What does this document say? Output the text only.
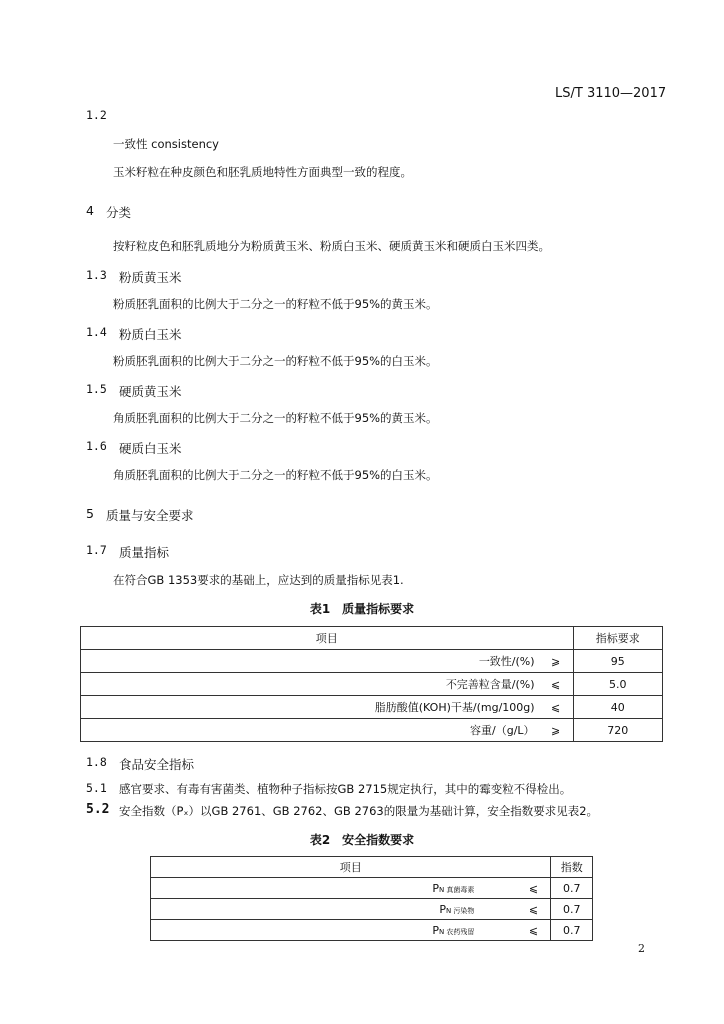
LS/T 3110—2017
1.2
一致性 consistency
玉米籽粒在种皮颜色和胚乳质地特性方面典型一致的程度。
4 分类
按籽粒皮色和胚乳质地分为粉质黄玉米、粉质白玉米、硬质黄玉米和硬质白玉米四类。
1.3 粉质黄玉米
粉质胚乳面积的比例大于二分之一的籽粒不低于95%的黄玉米。
1.4 粉质白玉米
粉质胚乳面积的比例大于二分之一的籽粒不低于95%的白玉米。
1.5 硬质黄玉米
角质胚乳面积的比例大于二分之一的籽粒不低于95%的黄玉米。
1.6 硬质白玉米
角质胚乳面积的比例大于二分之一的籽粒不低于95%的白玉米。
5 质量与安全要求
1.7 质量指标
在符合GB 1353要求的基础上，应达到的质量指标见表1.
表1　质量指标要求
项目		指标要求
一致性/(%)	⩾	95
不完善粒含量/(%)	⩽	5.0
脂肪酸值(KOH)干基/(mg/100g)	⩽	40
容重/（g/L）	⩾	720
1.8 食品安全指标
5.1 感官要求、有毒有害菌类、植物种子指标按GB 2715规定执行，其中的霉变粒不得检出。
5.2 安全指数（Pₓ）以GB 2761、GB 2762、GB 2763的限量为基础计算，安全指数要求见表2。
表2　安全指数要求
项目		指数
PN 真菌毒素	⩽	0.7
PN 污染物	⩽	0.7
PN 农药残留	⩽	0.7
2
